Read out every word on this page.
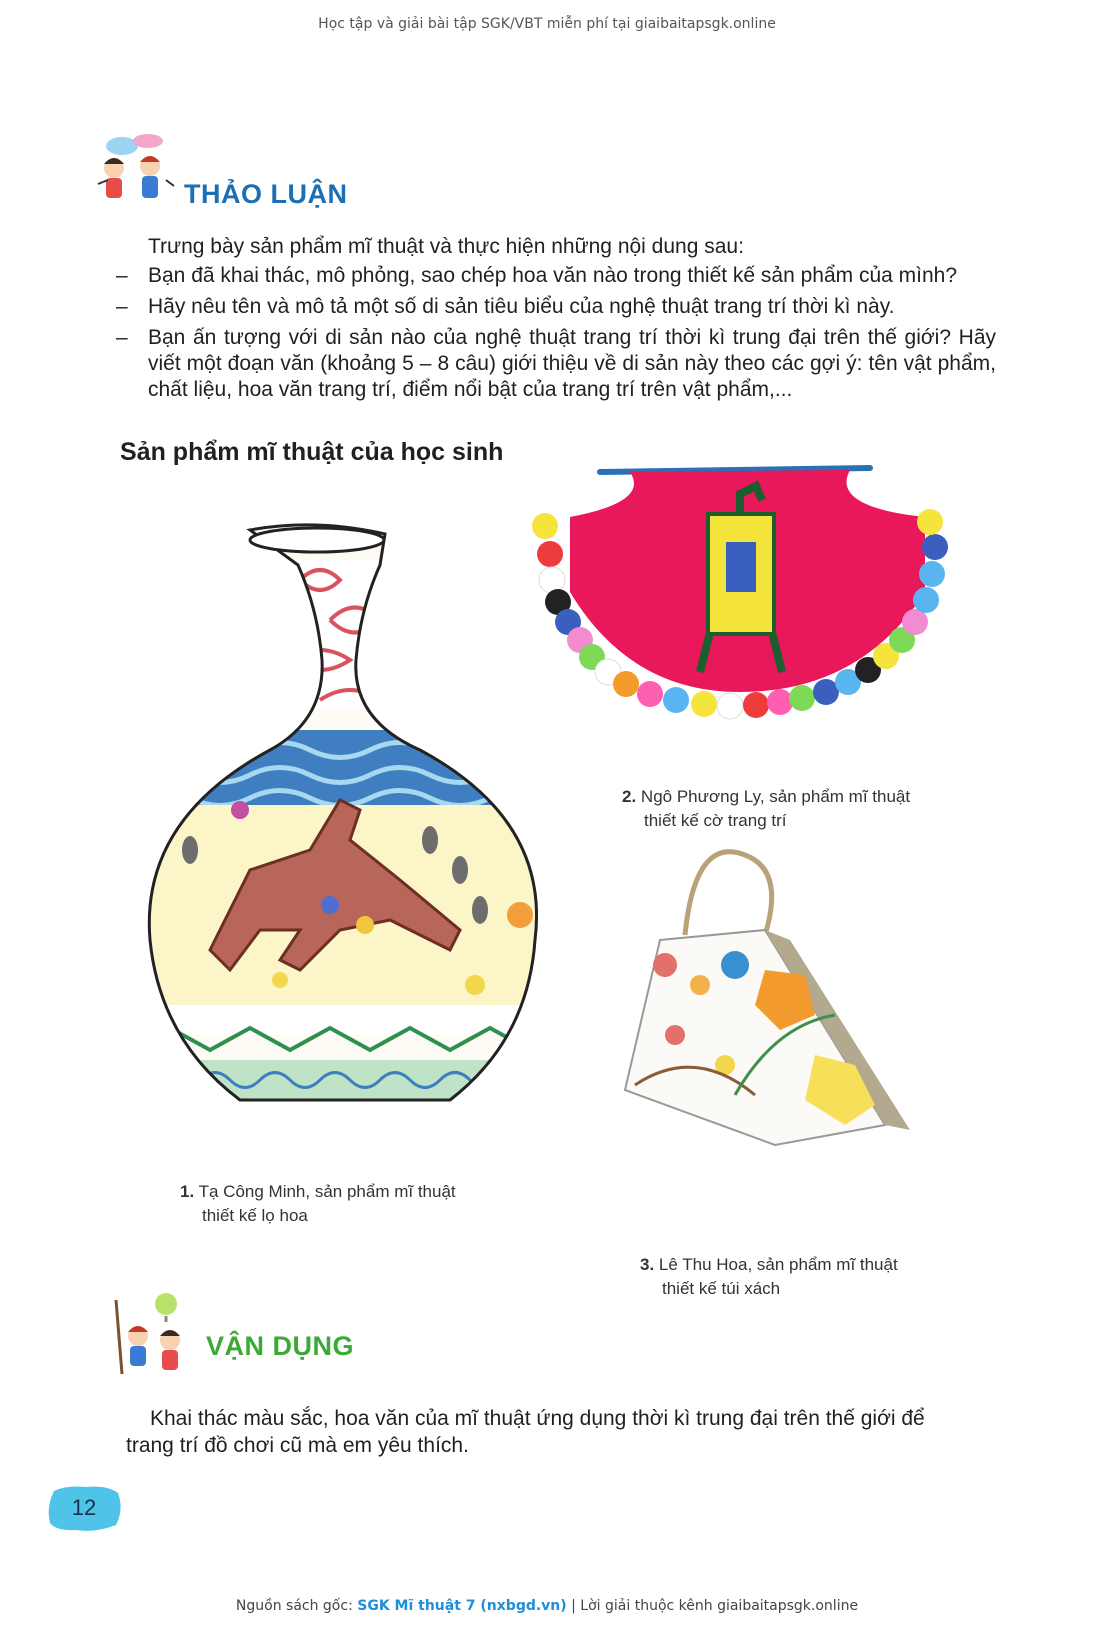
Học tập và giải bài tập SGK/VBT miễn phí tại giaibaitapsgk.online
THẢO LUẬN
Trưng bày sản phẩm mĩ thuật và thực hiện những nội dung sau:
– Bạn đã khai thác, mô phỏng, sao chép hoa văn nào trong thiết kế sản phẩm của mình?
– Hãy nêu tên và mô tả một số di sản tiêu biểu của nghệ thuật trang trí thời kì này.
– Bạn ấn tượng với di sản nào của nghệ thuật trang trí thời kì trung đại trên thế giới? Hãy viết một đoạn văn (khoảng 5 – 8 câu) giới thiệu về di sản này theo các gợi ý: tên vật phẩm, chất liệu, hoa văn trang trí, điểm nổi bật của trang trí trên vật phẩm,...
Sản phẩm mĩ thuật của học sinh
1. Tạ Công Minh, sản phẩm mĩ thuật
thiết kế lọ hoa
2. Ngô Phương Ly, sản phẩm mĩ thuật
thiết kế cờ trang trí
3. Lê Thu Hoa, sản phẩm mĩ thuật
thiết kế túi xách
VẬN DỤNG
Khai thác màu sắc, hoa văn của mĩ thuật ứng dụng thời kì trung đại trên thế giới để trang trí đồ chơi cũ mà em yêu thích.
12
Nguồn sách gốc: SGK Mĩ thuật 7 (nxbgd.vn) | Lời giải thuộc kênh giaibaitapsgk.online
